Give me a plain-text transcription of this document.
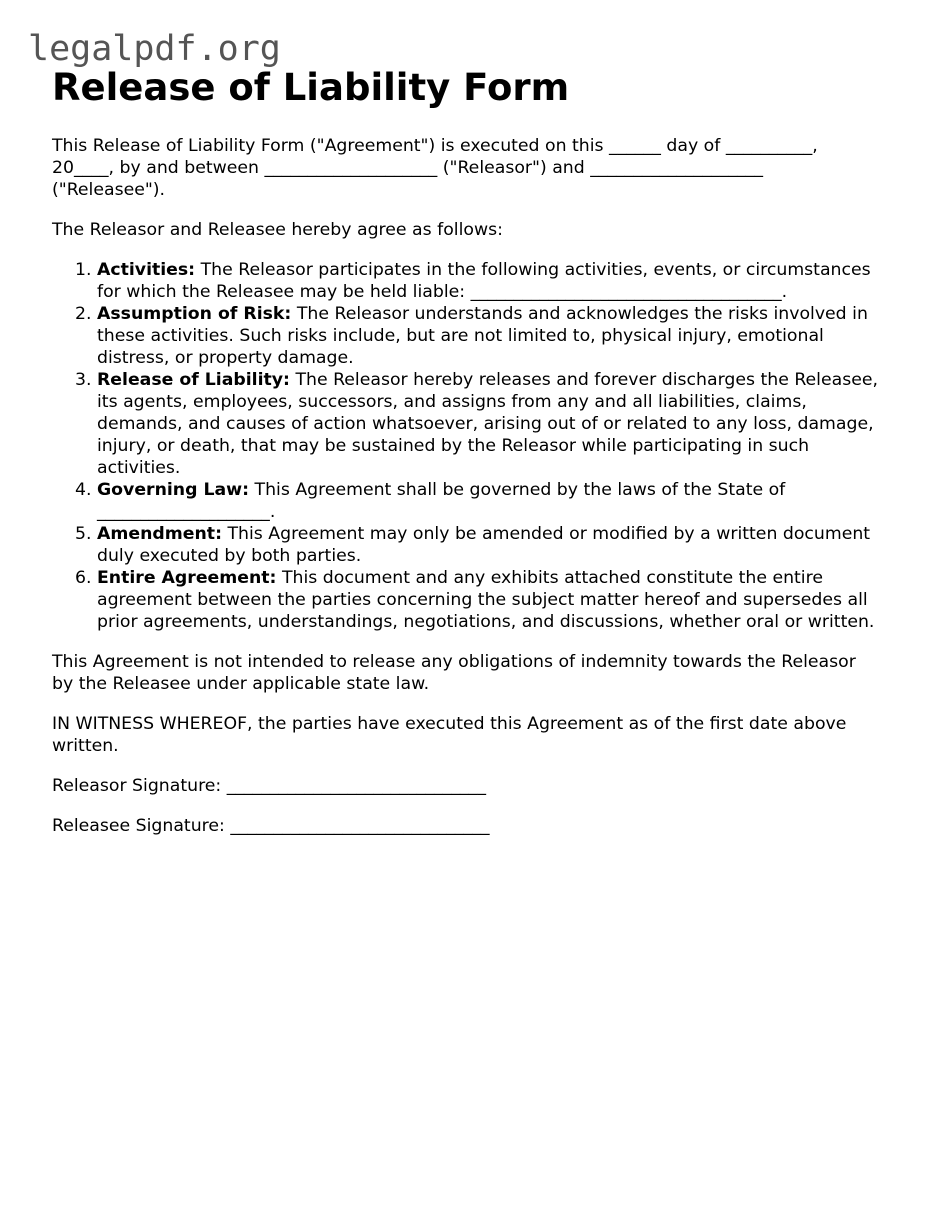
legalpdf.org
Release of Liability Form

This Release of Liability Form ("Agreement") is executed on this ______ day of __________, 20____, by and between ____________________ ("Releasor") and ____________________ ("Releasee").

The Releasor and Releasee hereby agree as follows:

1. Activities: The Releasor participates in the following activities, events, or circumstances for which the Releasee may be held liable: ____________________________________.
2. Assumption of Risk: The Releasor understands and acknowledges the risks involved in these activities. Such risks include, but are not limited to, physical injury, emotional distress, or property damage.
3. Release of Liability: The Releasor hereby releases and forever discharges the Releasee, its agents, employees, successors, and assigns from any and all liabilities, claims, demands, and causes of action whatsoever, arising out of or related to any loss, damage, injury, or death, that may be sustained by the Releasor while participating in such activities.
4. Governing Law: This Agreement shall be governed by the laws of the State of ____________________.
5. Amendment: This Agreement may only be amended or modified by a written document duly executed by both parties.
6. Entire Agreement: This document and any exhibits attached constitute the entire agreement between the parties concerning the subject matter hereof and supersedes all prior agreements, understandings, negotiations, and discussions, whether oral or written.

This Agreement is not intended to release any obligations of indemnity towards the Releasor by the Releasee under applicable state law.

IN WITNESS WHEREOF, the parties have executed this Agreement as of the first date above written.

Releasor Signature: ______________________________

Releasee Signature: ______________________________
